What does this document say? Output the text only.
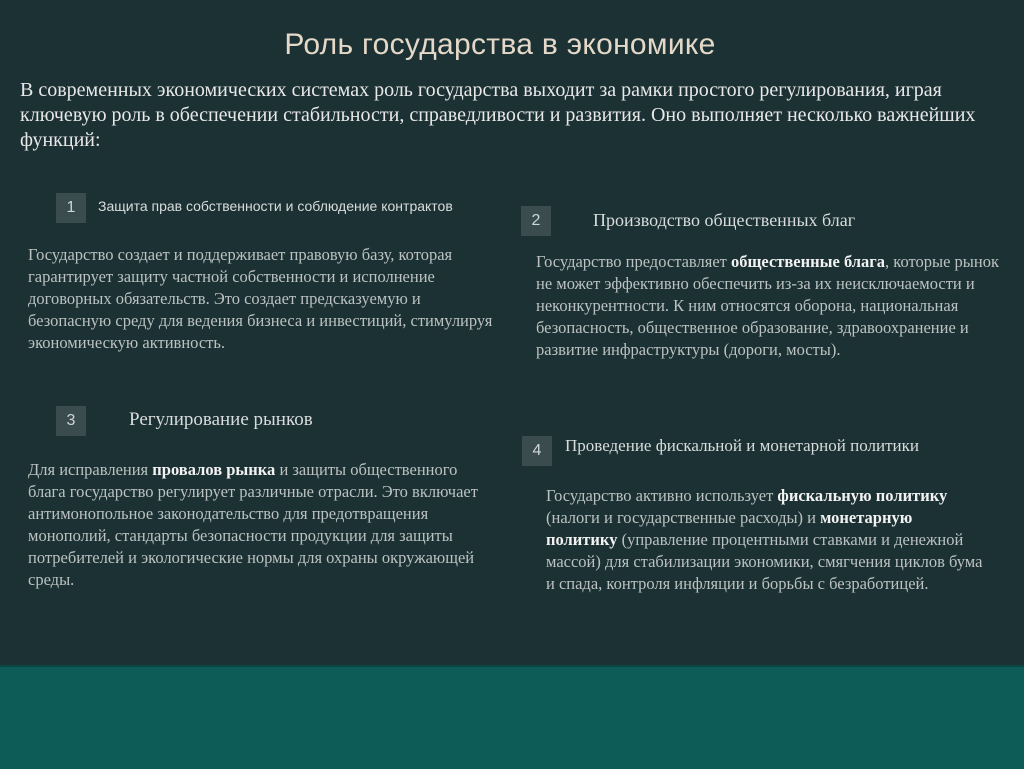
Роль государства в экономике
В современных экономических системах роль государства выходит за рамки простого регулирования, играя ключевую роль в обеспечении стабильности, справедливости и развития. Оно выполняет несколько важнейших функций:
1	Защита прав собственности и соблюдение контрактов
Государство создает и поддерживает правовую базу, которая гарантирует защиту частной собственности и исполнение договорных обязательств. Это создает предсказуемую и безопасную среду для ведения бизнеса и инвестиций, стимулируя экономическую активность.
2	Производство общественных благ
Государство предоставляет общественные блага, которые рынок не может эффективно обеспечить из-за их неисключаемости и неконкурентности. К ним относятся оборона, национальная безопасность, общественное образование, здравоохранение и развитие инфраструктуры (дороги, мосты).
3	Регулирование рынков
Для исправления провалов рынка и защиты общественного блага государство регулирует различные отрасли. Это включает антимонопольное законодательство для предотвращения монополий, стандарты безопасности продукции для защиты потребителей и экологические нормы для охраны окружающей среды.
4	Проведение фискальной и монетарной политики
Государство активно использует фискальную политику (налоги и государственные расходы) и монетарную политику (управление процентными ставками и денежной массой) для стабилизации экономики, смягчения циклов бума и спада, контроля инфляции и борьбы с безработицей.
